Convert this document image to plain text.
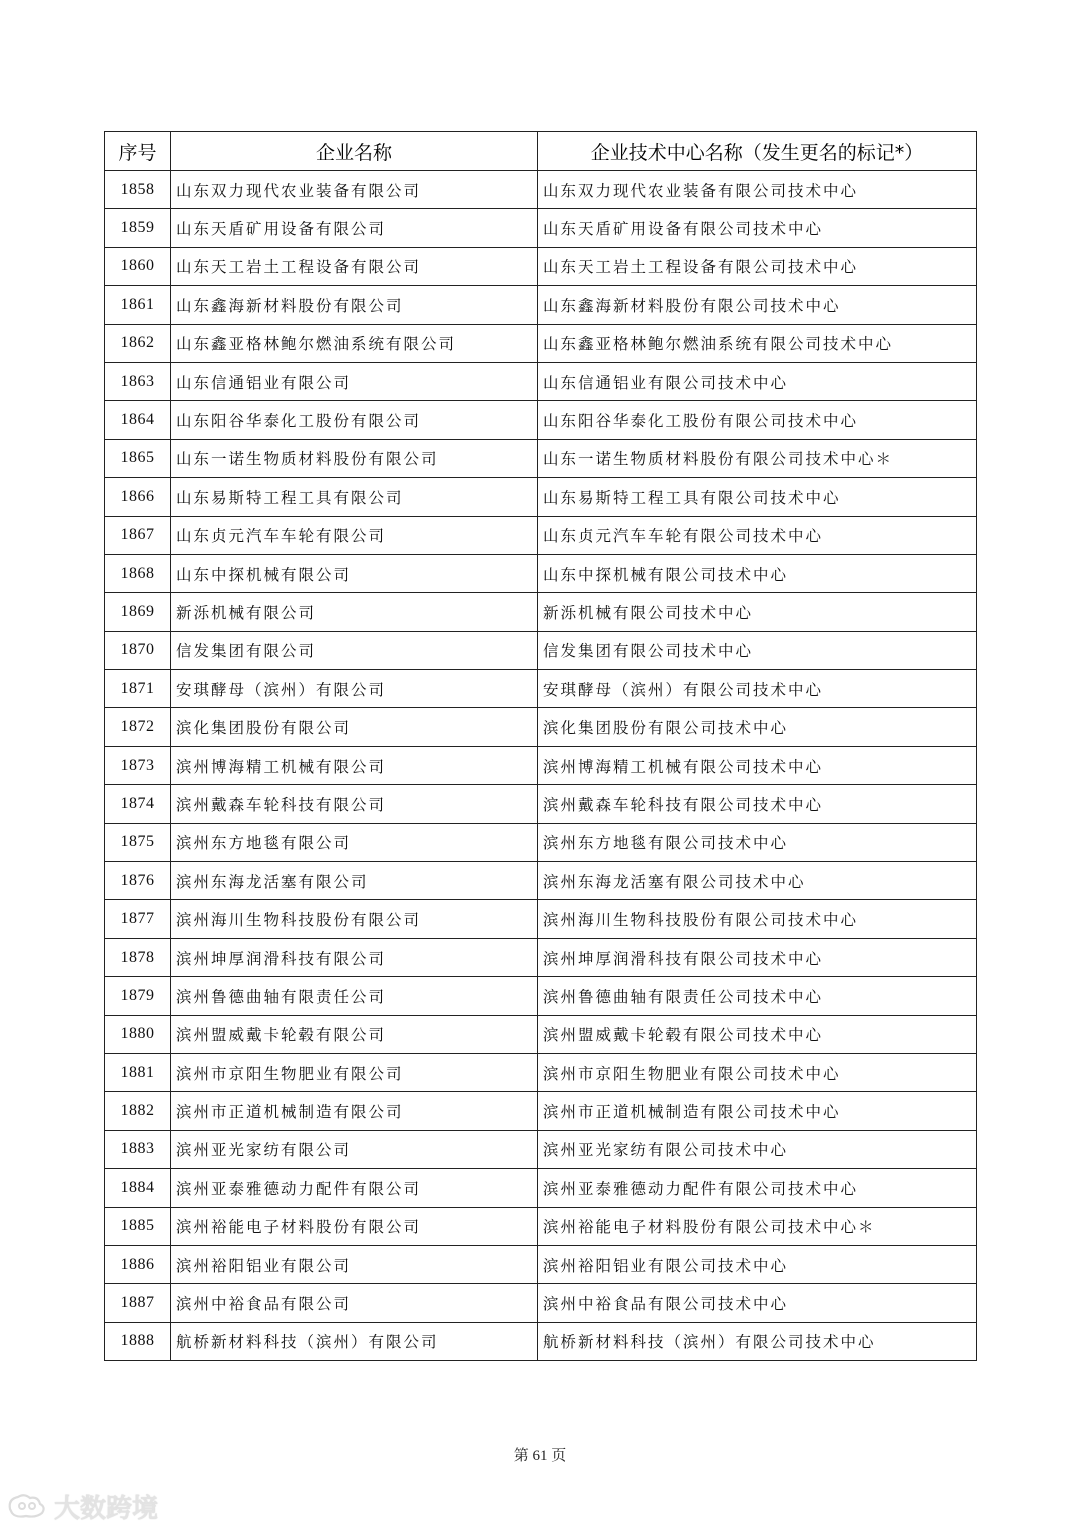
序号	企业名称	企业技术中心名称（发生更名的标记*）
1858	山东双力现代农业装备有限公司	山东双力现代农业装备有限公司技术中心
1859	山东天盾矿用设备有限公司	山东天盾矿用设备有限公司技术中心
1860	山东天工岩土工程设备有限公司	山东天工岩土工程设备有限公司技术中心
1861	山东鑫海新材料股份有限公司	山东鑫海新材料股份有限公司技术中心
1862	山东鑫亚格林鲍尔燃油系统有限公司	山东鑫亚格林鲍尔燃油系统有限公司技术中心
1863	山东信通铝业有限公司	山东信通铝业有限公司技术中心
1864	山东阳谷华泰化工股份有限公司	山东阳谷华泰化工股份有限公司技术中心
1865	山东一诺生物质材料股份有限公司	山东一诺生物质材料股份有限公司技术中心＊
1866	山东易斯特工程工具有限公司	山东易斯特工程工具有限公司技术中心
1867	山东贞元汽车车轮有限公司	山东贞元汽车车轮有限公司技术中心
1868	山东中探机械有限公司	山东中探机械有限公司技术中心
1869	新泺机械有限公司	新泺机械有限公司技术中心
1870	信发集团有限公司	信发集团有限公司技术中心
1871	安琪酵母（滨州）有限公司	安琪酵母（滨州）有限公司技术中心
1872	滨化集团股份有限公司	滨化集团股份有限公司技术中心
1873	滨州博海精工机械有限公司	滨州博海精工机械有限公司技术中心
1874	滨州戴森车轮科技有限公司	滨州戴森车轮科技有限公司技术中心
1875	滨州东方地毯有限公司	滨州东方地毯有限公司技术中心
1876	滨州东海龙活塞有限公司	滨州东海龙活塞有限公司技术中心
1877	滨州海川生物科技股份有限公司	滨州海川生物科技股份有限公司技术中心
1878	滨州坤厚润滑科技有限公司	滨州坤厚润滑科技有限公司技术中心
1879	滨州鲁德曲轴有限责任公司	滨州鲁德曲轴有限责任公司技术中心
1880	滨州盟威戴卡轮毂有限公司	滨州盟威戴卡轮毂有限公司技术中心
1881	滨州市京阳生物肥业有限公司	滨州市京阳生物肥业有限公司技术中心
1882	滨州市正道机械制造有限公司	滨州市正道机械制造有限公司技术中心
1883	滨州亚光家纺有限公司	滨州亚光家纺有限公司技术中心
1884	滨州亚泰雅德动力配件有限公司	滨州亚泰雅德动力配件有限公司技术中心
1885	滨州裕能电子材料股份有限公司	滨州裕能电子材料股份有限公司技术中心＊
1886	滨州裕阳铝业有限公司	滨州裕阳铝业有限公司技术中心
1887	滨州中裕食品有限公司	滨州中裕食品有限公司技术中心
1888	航桥新材料科技（滨州）有限公司	航桥新材料科技（滨州）有限公司技术中心
第 61 页
大数跨境
